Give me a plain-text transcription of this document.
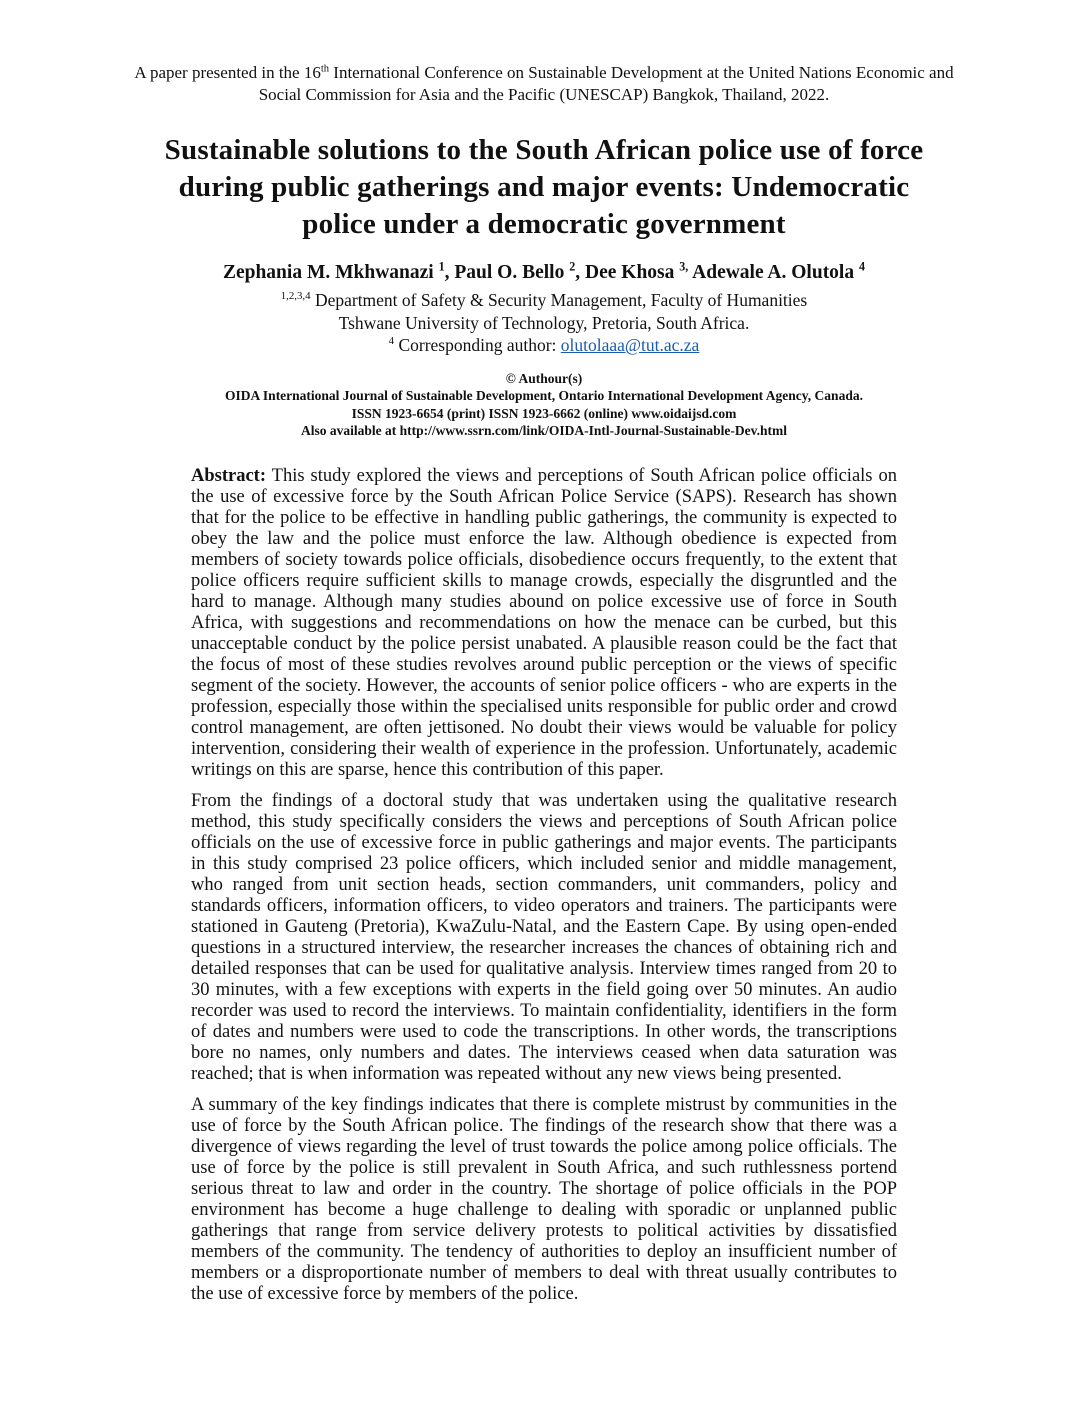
A paper presented in the 16th International Conference on Sustainable Development at the United Nations Economic and Social Commission for Asia and the Pacific (UNESCAP) Bangkok, Thailand, 2022.
Sustainable solutions to the South African police use of force
during public gatherings and major events: Undemocratic
police under a democratic government
Zephania M. Mkhwanazi $^1$, Paul O. Bello $^2$, Dee Khosa $^{3,}$ Adewale A. Olutola $^4$
$^{1,2,3,4}$ Department of Safety & Security Management, Faculty of Humanities
Tshwane University of Technology, Pretoria, South Africa.
$^4$ Corresponding author: olutolaaa@tut.ac.za
© Authour(s)
OIDA International Journal of Sustainable Development, Ontario International Development Agency, Canada.
ISSN 1923-6654 (print) ISSN 1923-6662 (online) www.oidaijsd.com
Also available at http://www.ssrn.com/link/OIDA-Intl-Journal-Sustainable-Dev.html

Abstract: This study explored the views and perceptions of South African police officials on the use of excessive force by the South African Police Service (SAPS). Research has shown that for the police to be effective in handling public gatherings, the community is expected to obey the law and the police must enforce the law. Although obedience is expected from members of society towards police officials, disobedience occurs frequently, to the extent that police officers require sufficient skills to manage crowds, especially the disgruntled and the hard to manage. Although many studies abound on police excessive use of force in South Africa, with suggestions and recommendations on how the menace can be curbed, but this unacceptable conduct by the police persist unabated. A plausible reason could be the fact that the focus of most of these studies revolves around public perception or the views of specific segment of the society. However, the accounts of senior police officers - who are experts in the profession, especially those within the specialised units responsible for public order and crowd control management, are often jettisoned. No doubt their views would be valuable for policy intervention, considering their wealth of experience in the profession. Unfortunately, academic writings on this are sparse, hence this contribution of this paper.

From the findings of a doctoral study that was undertaken using the qualitative research method, this study specifically considers the views and perceptions of South African police officials on the use of excessive force in public gatherings and major events. The participants in this study comprised 23 police officers, which included senior and middle management, who ranged from unit section heads, section commanders, unit commanders, policy and standards officers, information officers, to video operators and trainers. The participants were stationed in Gauteng (Pretoria), KwaZulu-Natal, and the Eastern Cape. By using open-ended questions in a structured interview, the researcher increases the chances of obtaining rich and detailed responses that can be used for qualitative analysis. Interview times ranged from 20 to 30 minutes, with a few exceptions with experts in the field going over 50 minutes. An audio recorder was used to record the interviews. To maintain confidentiality, identifiers in the form of dates and numbers were used to code the transcriptions. In other words, the transcriptions bore no names, only numbers and dates. The interviews ceased when data saturation was reached; that is when information was repeated without any new views being presented.

A summary of the key findings indicates that there is complete mistrust by communities in the use of force by the South African police. The findings of the research show that there was a divergence of views regarding the level of trust towards the police among police officials. The use of force by the police is still prevalent in South Africa, and such ruthlessness portend serious threat to law and order in the country. The shortage of police officials in the POP environment has become a huge challenge to dealing with sporadic or unplanned public gatherings that range from service delivery protests to political activities by dissatisfied members of the community. The tendency of authorities to deploy an insufficient number of members or a disproportionate number of members to deal with threat usually contributes to the use of excessive force by members of the police.
